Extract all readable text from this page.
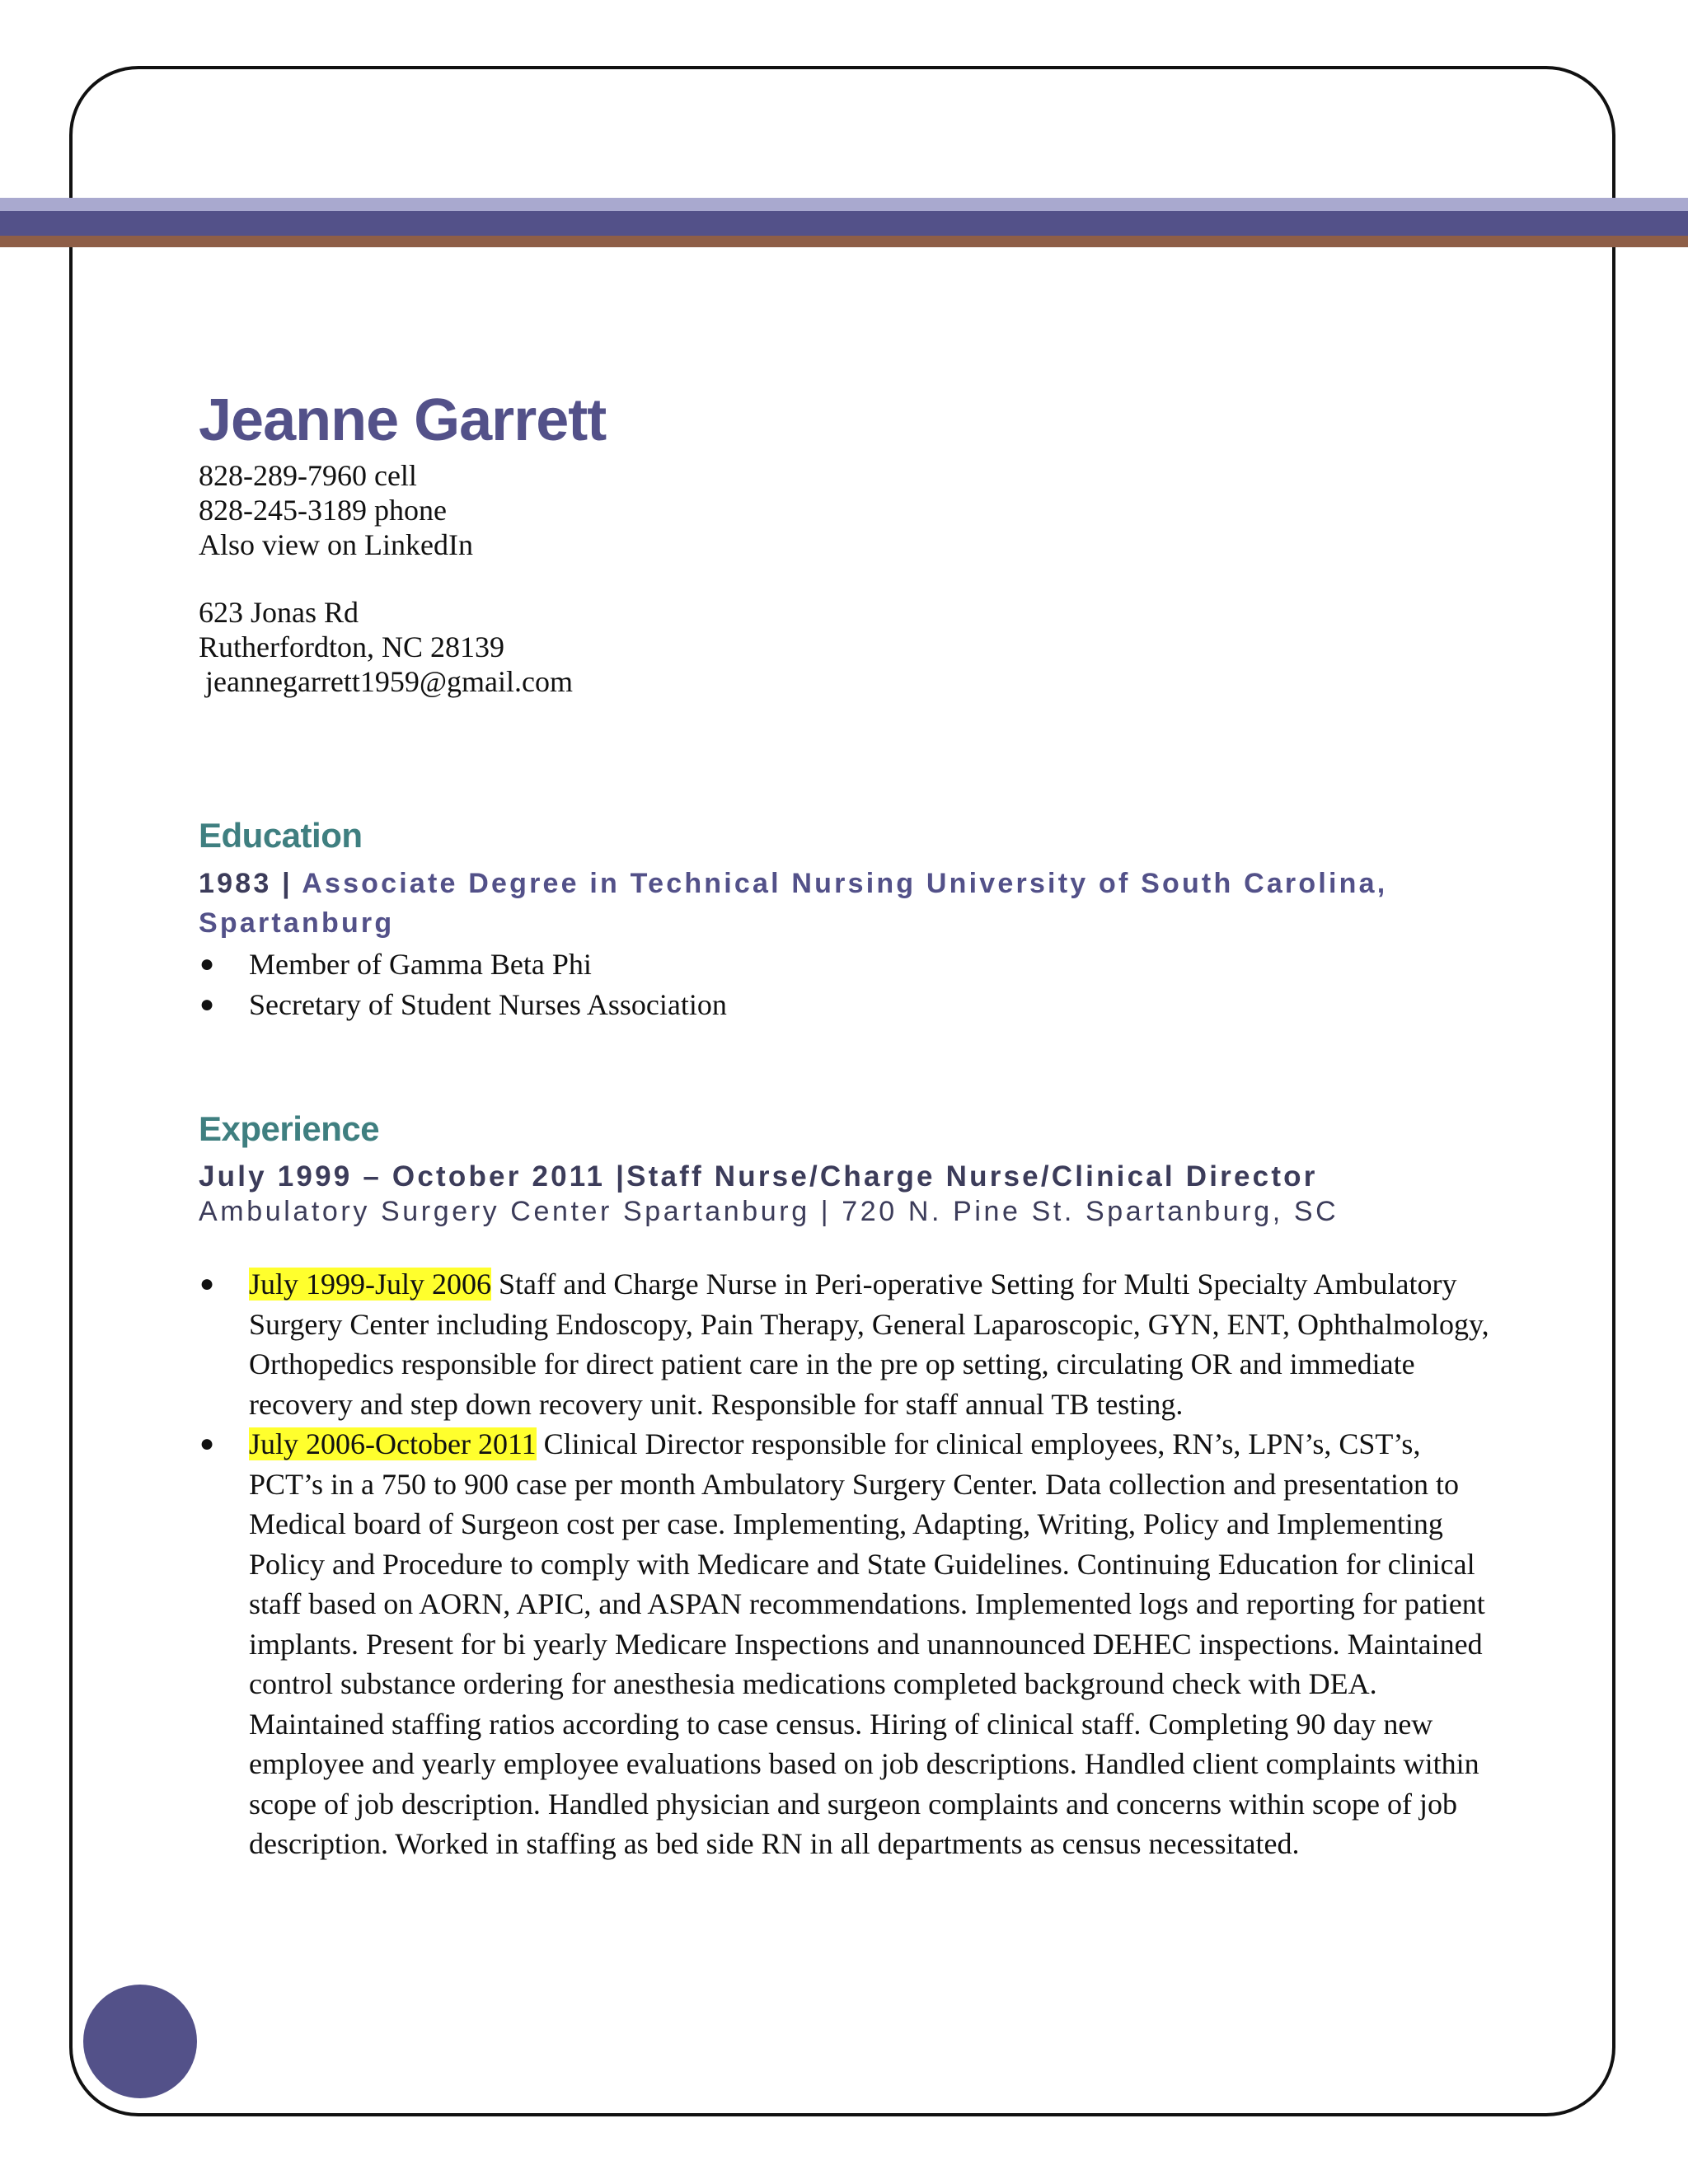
Jeanne Garrett
828-289-7960 cell
828-245-3189 phone
Also view on LinkedIn
623 Jonas Rd
Rutherfordton, NC 28139
jeannegarrett1959@gmail.com
Education
1983 | Associate Degree in Technical Nursing University of South Carolina, Spartanburg
● Member of Gamma Beta Phi
● Secretary of Student Nurses Association
Experience
July 1999 – October 2011 |Staff Nurse/Charge Nurse/Clinical Director
Ambulatory Surgery Center Spartanburg | 720 N. Pine St. Spartanburg, SC
● July 1999-July 2006 Staff and Charge Nurse in Peri-operative Setting for Multi Specialty Ambulatory Surgery Center including Endoscopy, Pain Therapy, General Laparoscopic, GYN, ENT, Ophthalmology, Orthopedics responsible for direct patient care in the pre op setting, circulating OR and immediate recovery and step down recovery unit. Responsible for staff annual TB testing.
● July 2006-October 2011 Clinical Director responsible for clinical employees, RN’s, LPN’s, CST’s, PCT’s in a 750 to 900 case per month Ambulatory Surgery Center. Data collection and presentation to Medical board of Surgeon cost per case. Implementing, Adapting, Writing, Policy and Implementing Policy and Procedure to comply with Medicare and State Guidelines. Continuing Education for clinical staff based on AORN, APIC, and ASPAN recommendations. Implemented logs and reporting for patient implants. Present for bi yearly Medicare Inspections and unannounced DEHEC inspections. Maintained control substance ordering for anesthesia medications completed background check with DEA. Maintained staffing ratios according to case census. Hiring of clinical staff. Completing 90 day new employee and yearly employee evaluations based on job descriptions. Handled client complaints within scope of job description. Handled physician and surgeon complaints and concerns within scope of job description. Worked in staffing as bed side RN in all departments as census necessitated.
